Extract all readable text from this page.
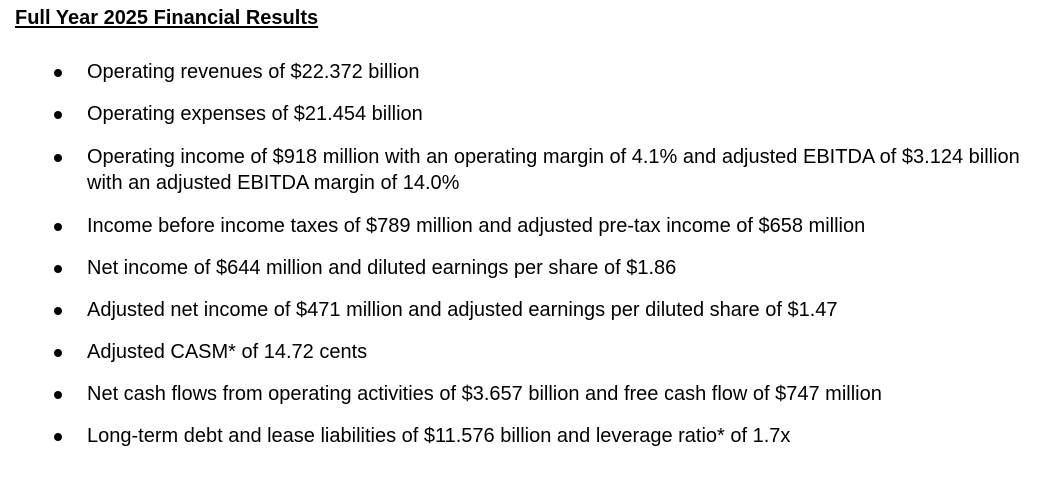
Full Year 2025 Financial Results
Operating revenues of $22.372 billion
Operating expenses of $21.454 billion
Operating income of $918 million with an operating margin of 4.1% and adjusted EBITDA of $3.124 billion with an adjusted EBITDA margin of 14.0%
Income before income taxes of $789 million and adjusted pre-tax income of $658 million
Net income of $644 million and diluted earnings per share of $1.86
Adjusted net income of $471 million and adjusted earnings per diluted share of $1.47
Adjusted CASM* of 14.72 cents
Net cash flows from operating activities of $3.657 billion and free cash flow of $747 million
Long-term debt and lease liabilities of $11.576 billion and leverage ratio* of 1.7x
